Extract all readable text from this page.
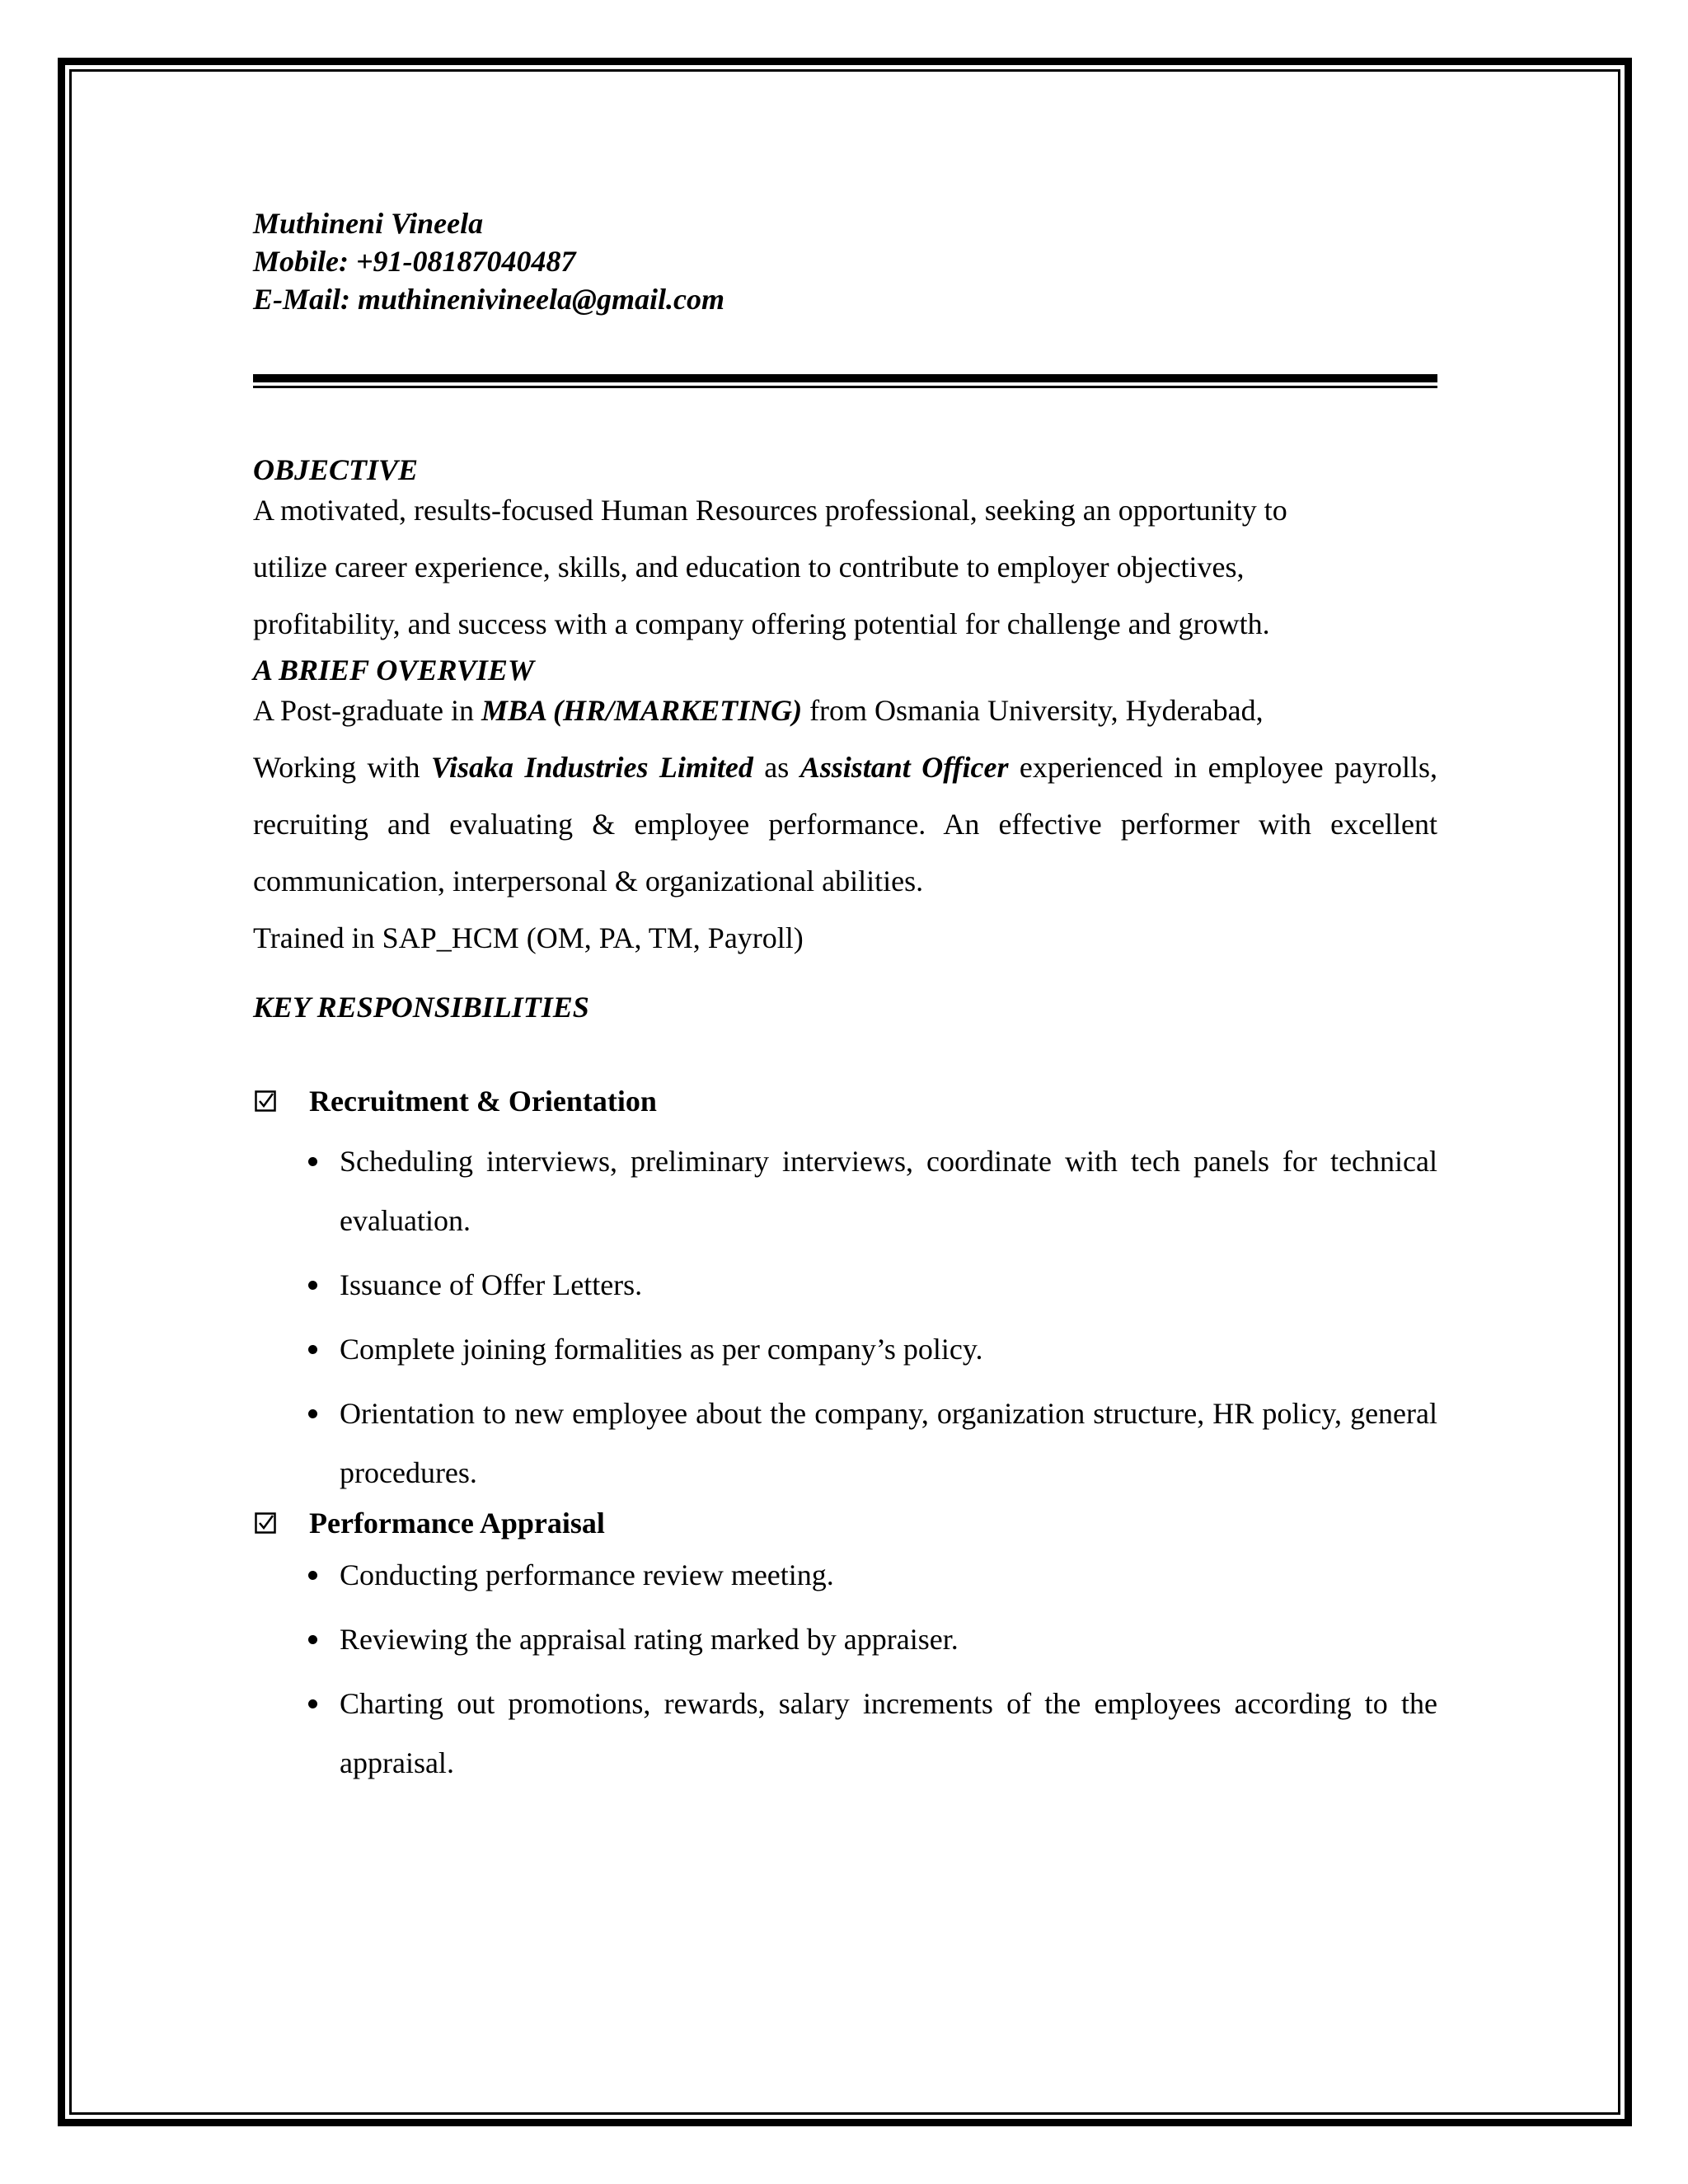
Muthineni Vineela

Mobile: +91-08187040487

E-Mail: muthinenivineela@gmail.com

OBJECTIVE

A motivated, results-focused Human Resources professional, seeking an opportunity to

utilize career experience, skills, and education to contribute to employer objectives,

profitability, and success with a company offering potential for challenge and growth.

A BRIEF OVERVIEW

A Post-graduate in MBA (HR/MARKETING) from Osmania University, Hyderabad,

Working with Visaka Industries Limited as Assistant Officer experienced in employee payrolls, recruiting and evaluating & employee performance. An effective performer with excellent communication, interpersonal & organizational abilities.

Trained in SAP_HCM (OM, PA, TM, Payroll)

KEY RESPONSIBILITIES

Recruitment & Orientation

Scheduling interviews, preliminary interviews, coordinate with tech panels for technical evaluation.
Issuance of Offer Letters.
Complete joining formalities as per company’s policy.
Orientation to new employee about the company, organization structure, HR policy, general procedures.

Performance Appraisal

Conducting performance review meeting.
Reviewing the appraisal rating marked by appraiser.
Charting out promotions, rewards, salary increments of the employees according to the appraisal.
